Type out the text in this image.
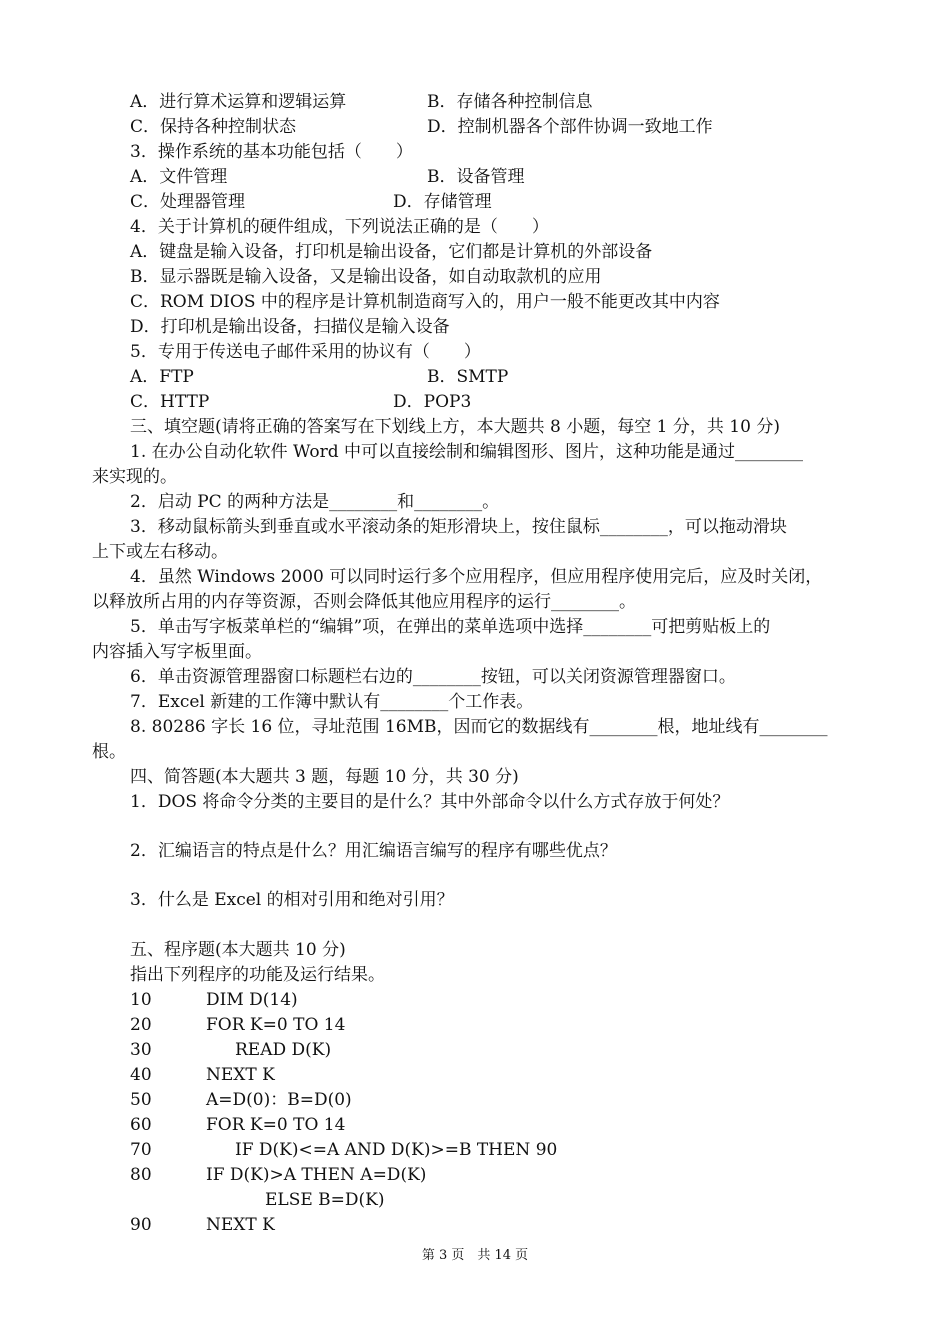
A．进行算术运算和逻辑运算	B．存储各种控制信息
C．保持各种控制状态	D．控制机器各个部件协调一致地工作
3．操作系统的基本功能包括（　　）
A．文件管理	B．设备管理
C．处理器管理	D．存储管理
4．关于计算机的硬件组成，下列说法正确的是（　　）
A．键盘是输入设备，打印机是输出设备，它们都是计算机的外部设备
B．显示器既是输入设备，又是输出设备，如自动取款机的应用
C．ROM DIOS 中的程序是计算机制造商写入的，用户一般不能更改其中内容
D．打印机是输出设备，扫描仪是输入设备
5．专用于传送电子邮件采用的协议有（　　）
A．FTP	B．SMTP
C．HTTP	D．POP3
三、填空题(请将正确的答案写在下划线上方，本大题共 8 小题，每空 1 分，共 10 分)
1. 在办公自动化软件 Word 中可以直接绘制和编辑图形、图片，这种功能是通过________
来实现的。
2．启动 PC 的两种方法是________和________。
3．移动鼠标箭头到垂直或水平滚动条的矩形滑块上，按住鼠标________，可以拖动滑块
上下或左右移动。
4．虽然 Windows 2000 可以同时运行多个应用程序，但应用程序使用完后，应及时关闭，
以释放所占用的内存等资源，否则会降低其他应用程序的运行________。
5．单击写字板菜单栏的“编辑”项，在弹出的菜单选项中选择________可把剪贴板上的
内容插入写字板里面。
6．单击资源管理器窗口标题栏右边的________按钮，可以关闭资源管理器窗口。
7．Excel 新建的工作簿中默认有________个工作表。
8. 80286 字长 16 位，寻址范围 16MB，因而它的数据线有________根，地址线有________
根。
四、简答题(本大题共 3 题，每题 10 分，共 30 分)
1．DOS 将命令分类的主要目的是什么？其中外部命令以什么方式存放于何处？
2．汇编语言的特点是什么？用汇编语言编写的程序有哪些优点？
3．什么是 Excel 的相对引用和绝对引用？
五、程序题(本大题共 10 分)
指出下列程序的功能及运行结果。
10	DIM D(14)
20	FOR K=0 TO 14
30	READ D(K)
40	NEXT K
50	A=D(0)：B=D(0)
60	FOR K=0 TO 14
70	IF D(K)<=A AND D(K)>=B THEN 90
80	IF D(K)>A THEN A=D(K)
ELSE B=D(K)
90	NEXT K
第 3 页　共 14 页
